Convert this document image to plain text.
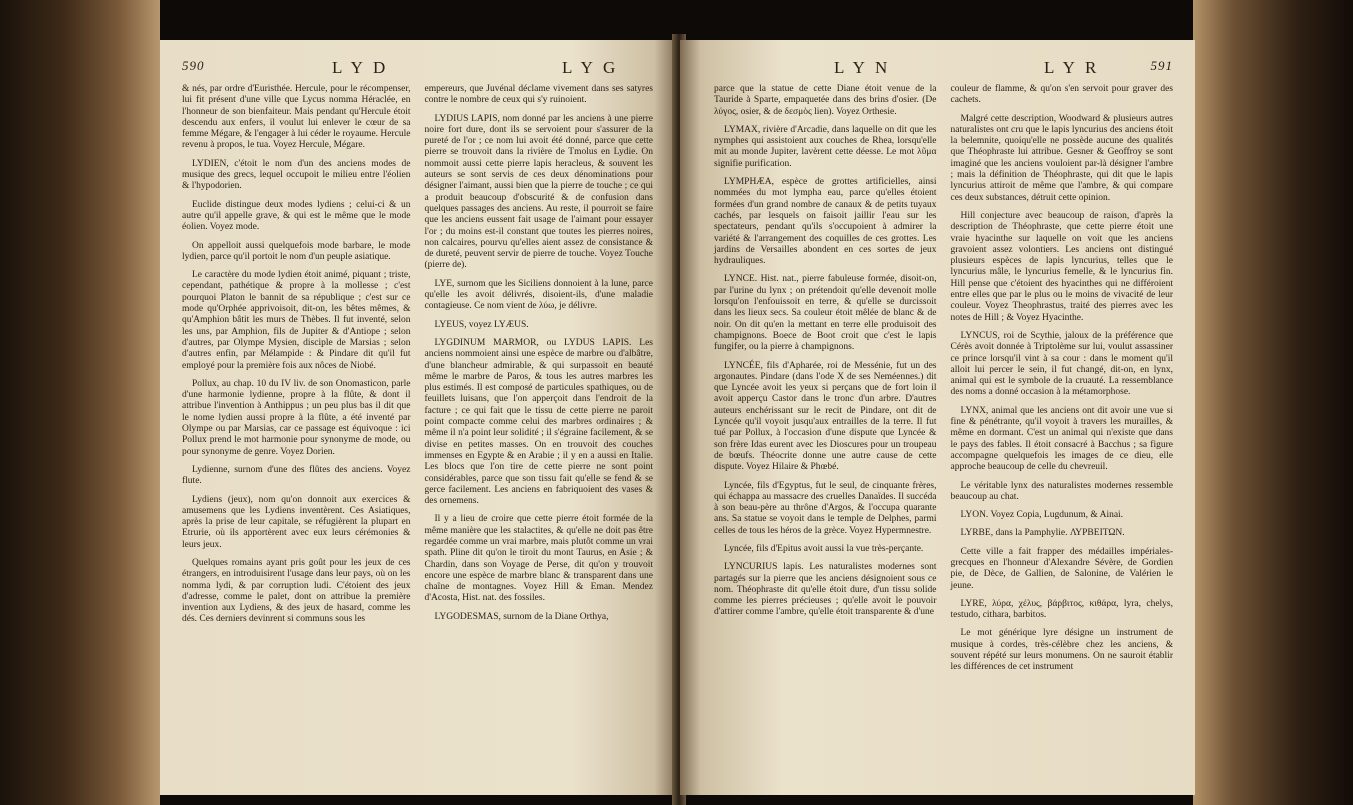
590	LYD	LYG

& nés, par ordre d'Euristhée. Hercule, pour le récompenser, lui fit présent d'une ville que Lycus nomma Héraclée, en l'honneur de son bienfaiteur. Mais pendant qu'Hercule étoit descendu aux enfers, il voulut lui enlever le cœur de sa femme Mégare, & l'engager à lui céder le royaume. Hercule revenu à propos, le tua. Voyez Hercule, Mégare.

LYDIEN, c'étoit le nom d'un des anciens modes de musique des grecs, lequel occupoit le milieu entre l'éolien & l'hypodorien.

Euclide distingue deux modes lydiens ; celui-ci & un autre qu'il appelle grave, & qui est le même que le mode éolien. Voyez mode.

On appelloit aussi quelquefois mode barbare, le mode lydien, parce qu'il portoit le nom d'un peuple asiatique.

Le caractère du mode lydien étoit animé, piquant ; triste, cependant, pathétique & propre à la mollesse ; c'est pourquoi Platon le bannit de sa république ; c'est sur ce mode qu'Orphée apprivoisoit, dit-on, les bêtes mêmes, & qu'Amphion bâtit les murs de Thèbes. Il fut inventé, selon les uns, par Amphion, fils de Jupiter & d'Antiope ; selon d'autres, par Olympe Mysien, disciple de Marsias ; selon d'autres enfin, par Mélampide : & Pindare dit qu'il fut employé pour la première fois aux nôces de Niobé.

Pollux, au chap. 10 du IV liv. de son Onomasticon, parle d'une harmonie lydienne, propre à la flûte, & dont il attribue l'invention à Anthippus ; un peu plus bas il dit que le nome lydien aussi propre à la flûte, a été inventé par Olympe ou par Marsias, car ce passage est équivoque : ici Pollux prend le mot harmonie pour synonyme de mode, ou pour synonyme de genre. Voyez Dorien.

Lydienne, surnom d'une des flûtes des anciens. Voyez flute.

Lydiens (jeux), nom qu'on donnoit aux exercices & amusemens que les Lydiens inventèrent. Ces Asiatiques, après la prise de leur capitale, se réfugièrent la plupart en Etrurie, où ils apportèrent avec eux leurs cérémonies & leurs jeux.

Quelques romains ayant pris goût pour les jeux de ces étrangers, en introduisirent l'usage dans leur pays, où on les nomma lydi, & par corruption ludi. C'étoient des jeux d'adresse, comme le palet, dont on attribue la première invention aux Lydiens, & des jeux de hasard, comme les dés. Ces derniers devinrent si communs sous les

empereurs, que Juvénal déclame vivement dans ses satyres contre le nombre de ceux qui s'y ruinoient.

LYDIUS LAPIS, nom donné par les anciens à une pierre noire fort dure, dont ils se servoient pour s'assurer de la pureté de l'or ; ce nom lui avoit été donné, parce que cette pierre se trouvoit dans la rivière de Tmolus en Lydie. On nommoit aussi cette pierre lapis heracleus, & souvent les auteurs se sont servis de ces deux dénominations pour désigner l'aimant, aussi bien que la pierre de touche ; ce qui a produit beaucoup d'obscurité & de confusion dans quelques passages des anciens. Au reste, il pourroit se faire que les anciens eussent fait usage de l'aimant pour essayer l'or ; du moins est-il constant que toutes les pierres noires, non calcaires, pourvu qu'elles aient assez de consistance & de dureté, peuvent servir de pierre de touche. Voyez Touche (pierre de).

LYE, surnom que les Siciliens donnoient à la lune, parce qu'elle les avoit délivrés, disoient-ils, d'une maladie contagieuse. Ce nom vient de λύω, je délivre.

LYEUS, voyez LYÆUS.

LYGDINUM MARMOR, ou LYDUS LAPIS. Les anciens nommoient ainsi une espèce de marbre ou d'albâtre, d'une blancheur admirable, & qui surpassoit en beauté même le marbre de Paros, & tous les autres marbres les plus estimés. Il est composé de particules spathiques, ou de feuillets luisans, que l'on apperçoit dans l'endroit de la facture ; ce qui fait que le tissu de cette pierre ne paroit point compacte comme celui des marbres ordinaires ; & même il n'a point leur solidité ; il s'égraine facilement, & se divise en petites masses. On en trouvoit des couches immenses en Egypte & en Arabie ; il y en a aussi en Italie. Les blocs que l'on tire de cette pierre ne sont point considérables, parce que son tissu fait qu'elle se fend & se gerce facilement. Les anciens en fabriquoient des vases & des ornemens.

Il y a lieu de croire que cette pierre étoit formée de la même manière que les stalactites, & qu'elle ne doit pas être regardée comme un vrai marbre, mais plutôt comme un vrai spath. Pline dit qu'on le tiroit du mont Taurus, en Asie ; & Chardin, dans son Voyage de Perse, dit qu'on y trouvoit encore une espèce de marbre blanc & transparent dans une chaîne de montagnes. Voyez Hill & Eman. Mendez d'Acosta, Hist. nat. des fossiles.

LYGODESMAS, surnom de la Diane Orthya,

LYN	LYR	591

parce que la statue de cette Diane étoit venue de la Tauride à Sparte, empaquetée dans des brins d'osier. (De λύγος, osier, & de δεσμὸς lien). Voyez Orthesie.

LYMAX, rivière d'Arcadie, dans laquelle on dit que les nymphes qui assistoient aux couches de Rhea, lorsqu'elle mit au monde Jupiter, lavèrent cette déesse. Le mot λῦμα signifie purification.

LYMPHÆA, espèce de grottes artificielles, ainsi nommées du mot lympha eau, parce qu'elles étoient formées d'un grand nombre de canaux & de petits tuyaux cachés, par lesquels on faisoit jaillir l'eau sur les spectateurs, pendant qu'ils s'occupoient à admirer la variété & l'arrangement des coquilles de ces grottes. Les jardins de Versailles abondent en ces sortes de jeux hydrauliques.

LYNCE. Hist. nat., pierre fabuleuse formée, disoit-on, par l'urine du lynx ; on prétendoit qu'elle devenoit molle lorsqu'on l'enfouissoit en terre, & qu'elle se durcissoit dans les lieux secs. Sa couleur étoit mêlée de blanc & de noir. On dit qu'en la mettant en terre elle produisoit des champignons. Boece de Boot croit que c'est le lapis fungifer, ou la pierre à champignons.

LYNCÉE, fils d'Apharée, roi de Messénie, fut un des argonautes. Pindare (dans l'ode X de ses Neméennes.) dit que Lyncée avoit les yeux si perçans que de fort loin il avoit apperçu Castor dans le tronc d'un arbre. D'autres auteurs enchérissant sur le recit de Pindare, ont dit de Lyncée qu'il voyoit jusqu'aux entrailles de la terre. Il fut tué par Pollux, à l'occasion d'une dispute que Lyncée & son frère Idas eurent avec les Dioscures pour un troupeau de bœufs. Théocrite donne une autre cause de cette dispute. Voyez Hilaire & Phœbé.

Lyncée, fils d'Egyptus, fut le seul, de cinquante frères, qui échappa au massacre des cruelles Danaïdes. Il succéda à son beau-père au thrône d'Argos, & l'occupa quarante ans. Sa statue se voyoit dans le temple de Delphes, parmi celles de tous les héros de la grèce. Voyez Hypermnestre.

Lyncée, fils d'Epitus avoit aussi la vue très-perçante.

LYNCURIUS lapis. Les naturalistes modernes sont partagés sur la pierre que les anciens désignoient sous ce nom. Théophraste dit qu'elle étoit dure, d'un tissu solide comme les pierres précieuses ; qu'elle avoit le pouvoir d'attirer comme l'ambre, qu'elle étoit transparente & d'une

couleur de flamme, & qu'on s'en servoit pour graver des cachets.

Malgré cette description, Woodward & plusieurs autres naturalistes ont cru que le lapis lyncurius des anciens étoit la belemnite, quoiqu'elle ne possède aucune des qualités que Théophraste lui attribue. Gesner & Geoffroy se sont imaginé que les anciens vouloient par-là désigner l'ambre ; mais la définition de Théophraste, qui dit que le lapis lyncurius attiroit de même que l'ambre, & qui compare ces deux substances, détruit cette opinion.

Hill conjecture avec beaucoup de raison, d'après la description de Théophraste, que cette pierre étoit une vraie hyacinthe sur laquelle on voit que les anciens gravoient assez volontiers. Les anciens ont distingué plusieurs espèces de lapis lyncurius, telles que le lyncurius mâle, le lyncurius femelle, & le lyncurius fin. Hill pense que c'étoient des hyacinthes qui ne différoient entre elles que par le plus ou le moins de vivacité de leur couleur. Voyez Theophrastus, traité des pierres avec les notes de Hill ; & Voyez Hyacinthe.

LYNCUS, roi de Scythie, jaloux de la préférence que Cérès avoit donnée à Triptolème sur lui, voulut assassiner ce prince lorsqu'il vint à sa cour : dans le moment qu'il alloit lui percer le sein, il fut changé, dit-on, en lynx, animal qui est le symbole de la cruauté. La ressemblance des noms a donné occasion à la métamorphose.

LYNX, animal que les anciens ont dit avoir une vue si fine & pénétrante, qu'il voyoit à travers les murailles, & même en dormant. C'est un animal qui n'existe que dans le pays des fables. Il étoit consacré à Bacchus ; sa figure accompagne quelquefois les images de ce dieu, elle approche beaucoup de celle du chevreuil.

Le véritable lynx des naturalistes modernes ressemble beaucoup au chat.

LYON. Voyez Copia, Lugdunum, & Ainai.

LYRBE, dans la Pamphylie. ΛΥΡΒΕΙΤΩΝ.

Cette ville a fait frapper des médailles impériales-grecques en l'honneur d'Alexandre Sévère, de Gordien pie, de Dèce, de Gallien, de Salonine, de Valérien le jeune.

LYRE, λύρα, χέλυς, βάρβιτος, κιθάρα, lyra, chelys, testudo, cithara, barbitos.

Le mot générique lyre désigne un instrument de musique à cordes, très-célèbre chez les anciens, & souvent répété sur leurs monumens. On ne sauroit établir les différences de cet instrument
